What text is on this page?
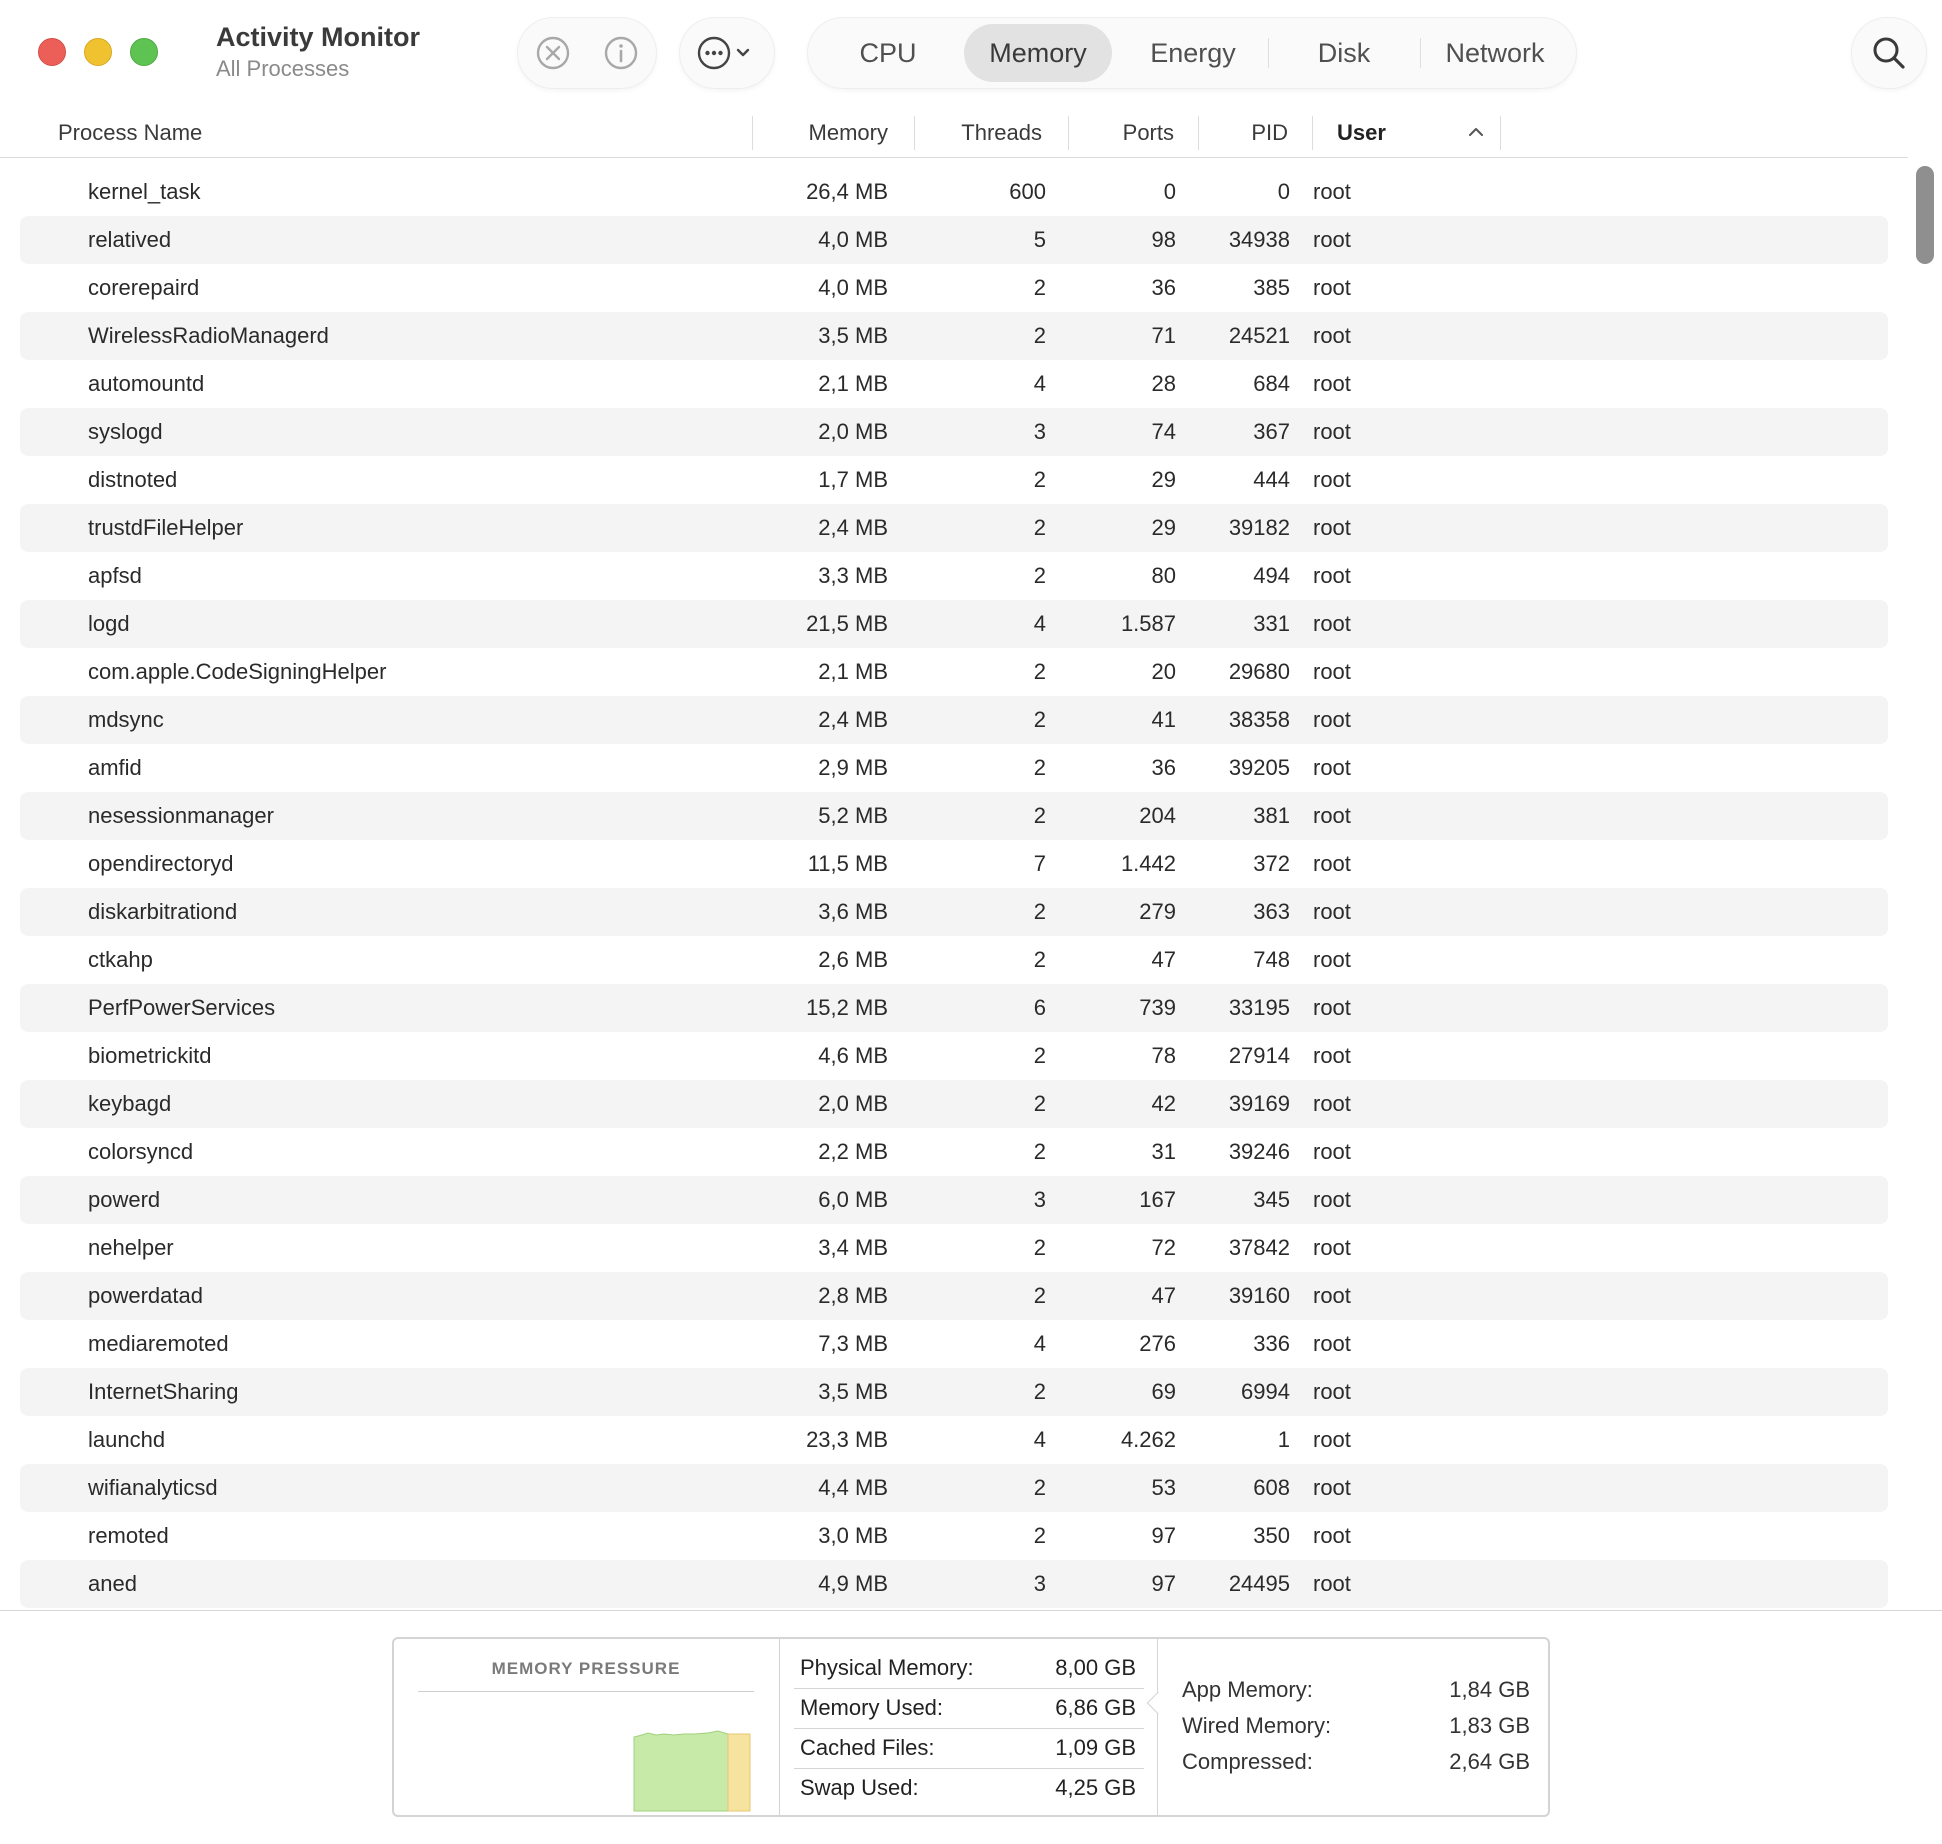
Activity Monitor
All Processes
CPU	Memory	Energy	Disk	Network
Process Name	Memory	Threads	Ports	PID User
kernel_task	26,4 MB	600	0	0 root
relatived	4,0 MB	5	98	34938 root
corerepaird	4,0 MB	2	36	385 root
WirelessRadioManagerd	3,5 MB	2	71	24521 root
automountd	2,1 MB	4	28	684 root
syslogd	2,0 MB	3	74	367 root
distnoted	1,7 MB	2	29	444 root
trustdFileHelper	2,4 MB	2	29	39182 root
apfsd	3,3 MB	2	80	494 root
logd	21,5 MB	4	1.587	331 root
com.apple.CodeSigningHelper	2,1 MB	2	20	29680 root
mdsync	2,4 MB	2	41	38358 root
amfid	2,9 MB	2	36	39205 root
nesessionmanager	5,2 MB	2	204	381 root
opendirectoryd	11,5 MB	7	1.442	372 root
diskarbitrationd	3,6 MB	2	279	363 root
ctkahp	2,6 MB	2	47	748 root
PerfPowerServices	15,2 MB	6	739	33195 root
biometrickitd	4,6 MB	2	78	27914 root
keybagd	2,0 MB	2	42	39169 root
colorsyncd	2,2 MB	2	31	39246 root
powerd	6,0 MB	3	167	345 root
nehelper	3,4 MB	2	72	37842 root
powerdatad	2,8 MB	2	47	39160 root
mediaremoted	7,3 MB	4	276	336 root
InternetSharing	3,5 MB	2	69	6994 root
launchd	23,3 MB	4	4.262	1 root
wifianalyticsd	4,4 MB	2	53	608 root
remoted	3,0 MB	2	97	350 root
aned	4,9 MB	3	97	24495 root
MEMORY PRESSURE	Physical Memory:	8,00 GB
Memory Used:	6,86 GB
Cached Files:	1,09 GB
Swap Used:	4,25 GB
App Memory:	1,84 GB
Wired Memory:	1,83 GB
Compressed:	2,64 GB
